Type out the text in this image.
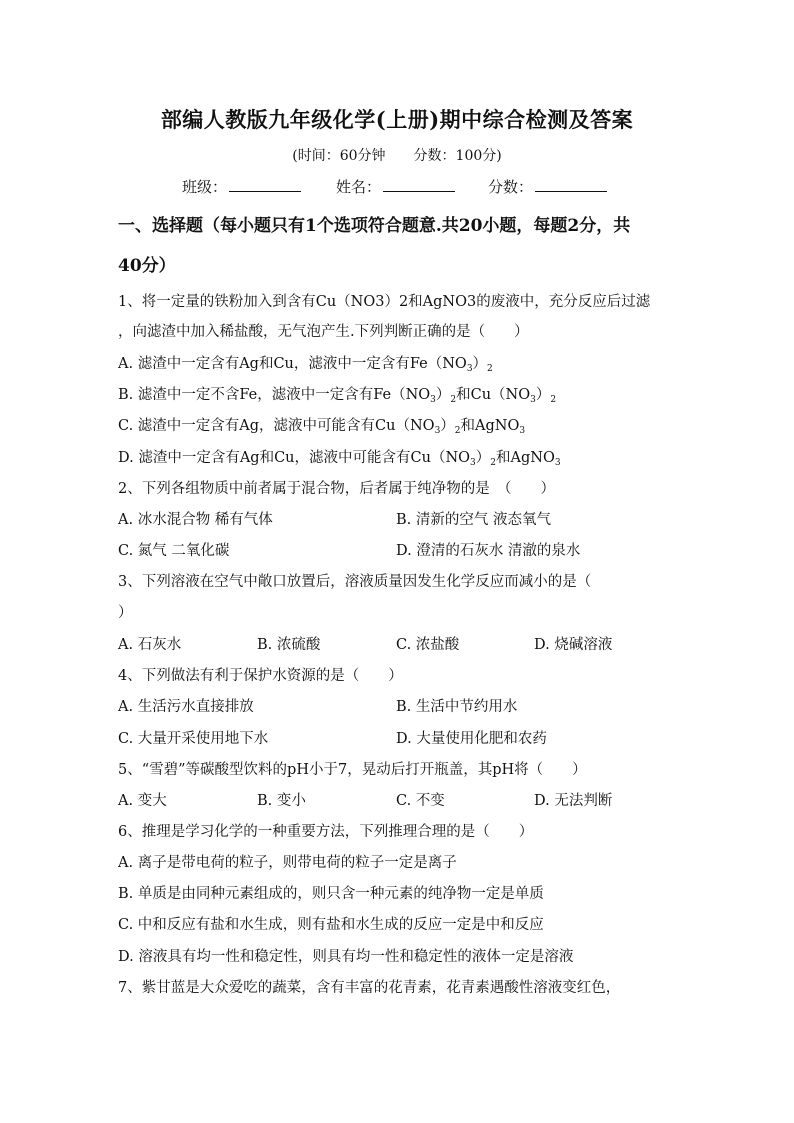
部编人教版九年级化学(上册)期中综合检测及答案
(时间：60分钟 分数：100分)
班级：	姓名：	分数：
一、选择题（每小题只有1个选项符合题意.共20小题，每题2分，共
40分）
1、将一定量的铁粉加入到含有Cu（NO3）2和AgNO3的废液中，充分反应后过滤
，向滤渣中加入稀盐酸，无气泡产生.下列判断正确的是（　　）
A. 滤渣中一定含有Ag和Cu，滤液中一定含有$Fe(NO_3)_2$
B. 滤渣中一定不含Fe，滤液中一定含有$Fe(NO_3)_2$和$Cu(NO_3)_2$
C. 滤渣中一定含有Ag，滤液中可能含有$Cu(NO_3)_2$和AgNO$_3$
D. 滤渣中一定含有Ag和Cu，滤液中可能含有$Cu(NO_3)_2$和AgNO$_3$
2、下列各组物质中前者属于混合物，后者属于纯净物的是　（　　）
A. 冰水混合物 稀有气体	B. 清新的空气 液态氧气
C. 氮气 二氧化碳	D. 澄清的石灰水 清澈的泉水
3、下列溶液在空气中敞口放置后，溶液质量因发生化学反应而减小的是（
）
A. 石灰水	B. 浓硫酸	C. 浓盐酸	D. 烧碱溶液
4、下列做法有利于保护水资源的是（　　）
A. 生活污水直接排放	B. 生活中节约用水
C. 大量开采使用地下水	D. 大量使用化肥和农药
5、“雪碧”等碳酸型饮料的pH小于7，晃动后打开瓶盖，其pH将（　　）
A. 变大	B. 变小	C. 不变	D. 无法判断
6、推理是学习化学的一种重要方法，下列推理合理的是（　　）
A. 离子是带电荷的粒子，则带电荷的粒子一定是离子
B. 单质是由同种元素组成的，则只含一种元素的纯净物一定是单质
C. 中和反应有盐和水生成，则有盐和水生成的反应一定是中和反应
D. 溶液具有均一性和稳定性，则具有均一性和稳定性的液体一定是溶液
7、紫甘蓝是大众爱吃的蔬菜，含有丰富的花青素，花青素遇酸性溶液变红色，
